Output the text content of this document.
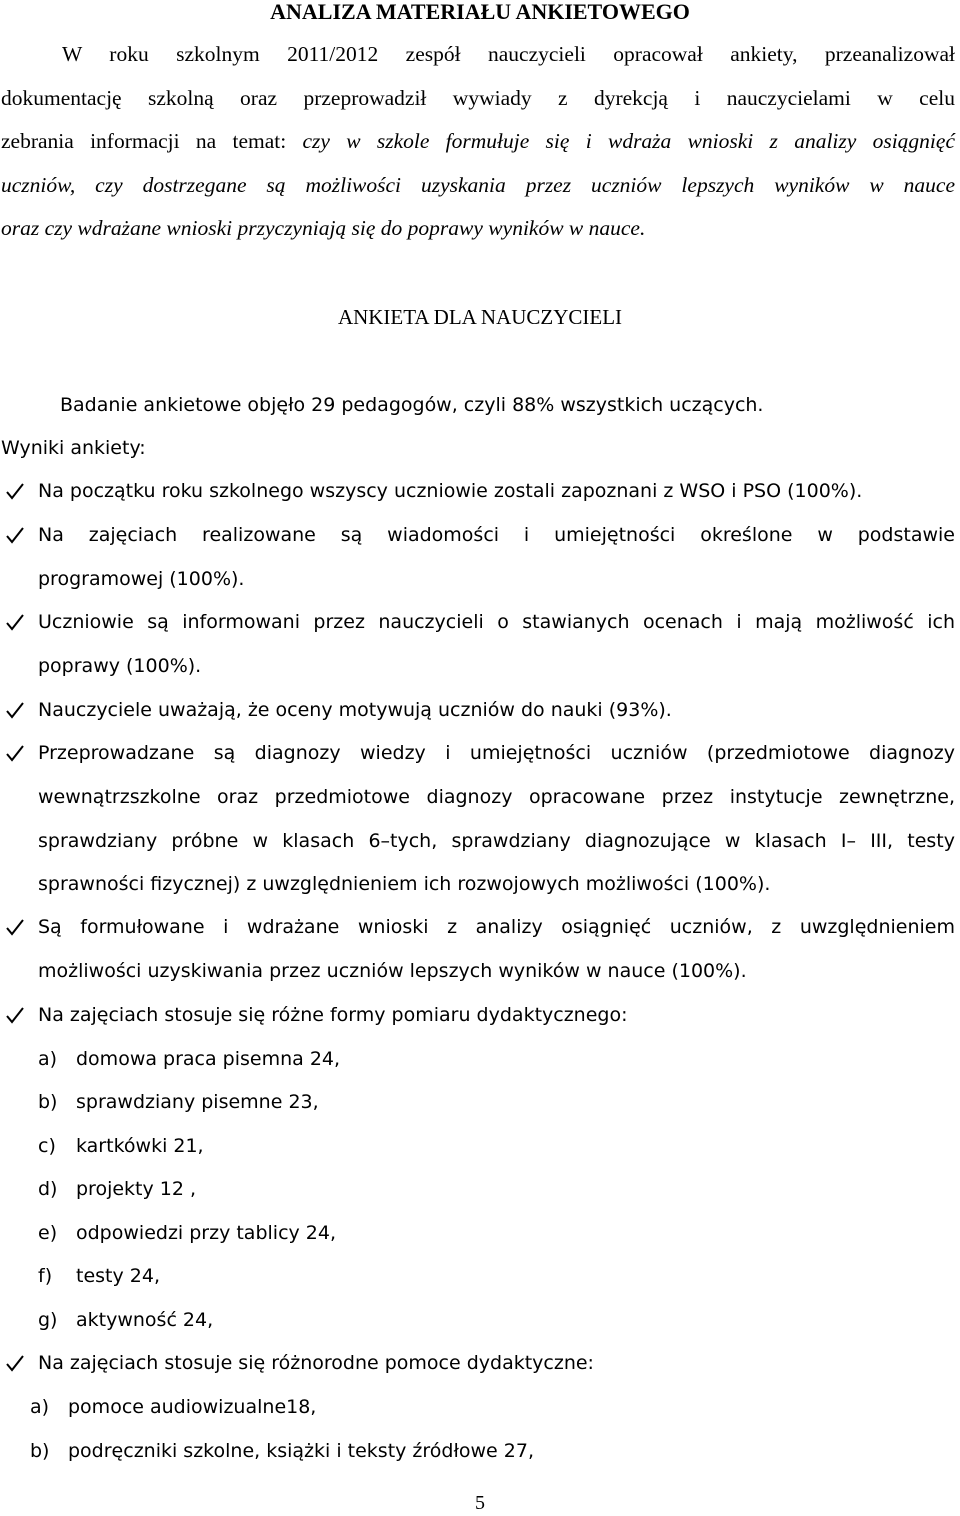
ANALIZA MATERIAŁU ANKIETOWEGO
W roku szkolnym 2011/2012 zespół nauczycieli opracował ankiety, przeanalizował
dokumentację szkolną oraz przeprowadził wywiady z dyrekcją i nauczycielami w celu
zebrania informacji na temat: czy w szkole formułuje się i wdraża wnioski z analizy osiągnięć
uczniów, czy dostrzegane są możliwości uzyskania przez uczniów lepszych wyników w nauce
oraz czy wdrażane wnioski przyczyniają się do poprawy wyników w nauce.
ANKIETA DLA NAUCZYCIELI
Badanie ankietowe objęło 29 pedagogów, czyli 88% wszystkich uczących.
Wyniki ankiety:
Na początku roku szkolnego wszyscy uczniowie zostali zapoznani z WSO i PSO (100%).
Na zajęciach realizowane są wiadomości i umiejętności określone w podstawie
programowej (100%).
Uczniowie są informowani przez nauczycieli o stawianych ocenach i mają możliwość ich
poprawy (100%).
Nauczyciele uważają, że oceny motywują uczniów do nauki (93%).
Przeprowadzane są diagnozy wiedzy i umiejętności uczniów (przedmiotowe diagnozy
wewnątrzszkolne oraz przedmiotowe diagnozy opracowane przez instytucje zewnętrzne,
sprawdziany próbne w klasach 6–tych, sprawdziany diagnozujące w klasach I– III, testy
sprawności fizycznej) z uwzględnieniem ich rozwojowych możliwości (100%).
Są formułowane i wdrażane wnioski z analizy osiągnięć uczniów, z uwzględnieniem
możliwości uzyskiwania przez uczniów lepszych wyników w nauce (100%).
Na zajęciach stosuje się różne formy pomiaru dydaktycznego:
a) domowa praca pisemna 24,
b) sprawdziany pisemne 23,
c) kartkówki 21,
d) projekty 12 ,
e) odpowiedzi przy tablicy 24,
f) testy 24,
g) aktywność 24,
Na zajęciach stosuje się różnorodne pomoce dydaktyczne:
a) pomoce audiowizualne18,
b) podręczniki szkolne, książki i teksty źródłowe 27,
5
